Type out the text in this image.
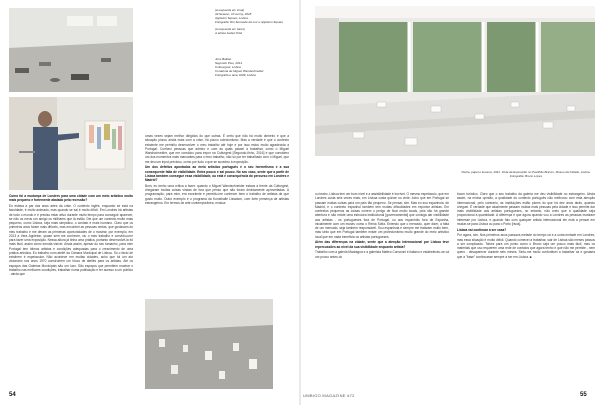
(à esquerda em cima)
All Season, 10 sunny, 2018.
Appleton Square, Lisboa.
Fotografia: Rui Serrasde da Luz e Appleton Square
(à esquerda em baixo)
A artista Isabel Ortel
Jens Balkan
Segundo Piso, 2014
Cultuurgest, Lisboa
Curadoria de Miguel Wandschneider
Fotografia e aina, DMF, Lisboa

Como foi a mudança de Londres para uma cidade com um meio artístico muito mais pequeno e fortemente abalado pela recessão?

Eu estava a par dos anos artes da crise. O contexto inglês, enquanto se está na faculdade, é muito animado, mas quando se sai é muito difícil. Em Londres há artistas de todo o mundo e é preciso estar ativo durante muito tempo para conseguir aparecer, se não os meus um amigo os millhares que lá estão. Dei que um contexto muito mais pequeno, como Lisboa, seja mais simpático, o contato é mais humano. Claro que os primeiros anos foram mais difíceis, mas encontrei as pessoas certas, que gostavam do meu trabalho e me deram as primeiras oportunidades de o mostrar, por exemplo, em 2013 a Vera Appleton, quase sem me conhecer, viu o meu trabalho e convidou-me para fazer uma exposição. Nessa altura já tinha uma prática, portanto desenvolvê-la foi mais fácil, assim como tornála visível. Ainda assim, apesar do seu tamanho, para mim Portugal tem ótimos artistas e condições adequadas para o crescimento de uma prática artística. Eu trabalho num ateliê da Câmara Municipal de Lisboa. Só o facto de existirem é espetacular. Não acontece em muitas cidades, acho que foi um ato visionário nos anos 1970 construírem um bloco de ateliês para os artistas. Até os espaços das Galerias Municipais são um luxo. São espaços que permitem mostrar o trabalho nas melhores condições, trabalhar numa publicação e ter acesso a um público - ainda que

umas vezes sejam melhor dirigidos do que outras. É certo que não há muito dinheiro e que a situação piorou ainda mais com a crise, há pouco colecionismo. Mas a verdade é que o contexto existente me permitiu desenvolver o meu trabalho até hoje e por isso estou muito agradecida a Portugal. Conheci pessoas que admiro e com as quais passei a trabalhar, como o Miguel Wandschneider, que me convidou para expor na Culturgest [Segundo-finho, 2016] e que considero um dos momentos mais marcantes para o meu trabalho, não só por ter trabalhado com o Miguel, que me deu um input precioso, como por tudo o que se sucedeu à exposição.

Um dos defeitos apontados ao meio artístico português é o seu hermetismo e a sua consequente falta de visibilidade. Entra pouco e sai pouco. No seu caso, sente que a partir de Lisboa também consegue essa visibilidade, ou está é consequência do percurso em Londres e Madrid?

Bom, eu tenho uma crítica a fazer: quando o Miguel Wandschneider estava à frente da Culturgest, chegaram muitas coisas vindas de fora que penso que não foram devidamente aproveitadas. A programação, para mim, era excelente e permitiu-me conhecer bem o trabalho de artistas de que gosto muito. Outro exemplo é o programa da Kunsthalle Lissabon, com forte presença de artistas estrangeiros. Em termos de arte contemporânea, música

54
Pedra, papel e tesoura, 2011. Vista da Exposição no Pavilhão Branco, Museu da Cidade, Lisboa.
Fotografia: Bruno Lopes

ou teatro, Lisboa tem um bom nível e a assistibilidade é incrível. O mesmo espetáculo, que em Londres custa seis vezes mais, em Lisboa custa quinze ou vinte. Acho que em Portugal se passam muitas coisas para um país tão pequeno. Se pensar, sim. Mas eu sou espanhola, de Madrid, e o contexto espanhol também tem muitas dificuldades em exportar artistas. Em contextos pequenos as coisas correm o perigo de ficar muito locais, pois não há grande abertura e não existe uma estrutura institucional [governamental] que consiga dar visibilidade aos artistas - os portugueses fora de Portugal, ou aos espanhóis fora de Espanha, inicialmente com um museu como o Reina Sofía. Entendo que o mercado, quer dizer, a falta de um mercado, seja também responsável. Sou espanhola e sempre me trataram muito bem, mas sinto que em Portugal também existe um protecionismo muito grande do meio artístico local que em nada beneficia os artistas portugueses.

Além das diferenças na cidade, sente que a atenção internacional por Lisboa teve repercussões ao nível da sua visibilidade enquanto artista?

Trabalho com a galeria Madragoa e a galerista Matteo Consonni é italiano e estabeleceu-se cá um pouco antes do

boom turístico. Claro que o seu trabalho da galeria me deu visibilidade no estrangeiro. Ainda assim, na minha opinião, a qualidade do contexto português não melhorou com esta atenção internacional, pelo contrário, as instituições estão piores do que há dez anos atrás, quando cheguei. É verdade que atualmente passam muitas mais pessoas pela cidade e isso permite dar mais visibilidade aos artistas portugueses, no entanto, não creio que a qualidade seja proporcional à quantidade. A diferença é que agora quando vou a Londres as pessoas mostram interesse por Lisboa, e quando falo com qualquer artista internacional ele está a pensar em mudar-se para Lisboa ou para o Porto [risos].

Lisboa vai continuar a ser casa?

Por agora, sim. Nos primeiros anos passava metade do tempo cá e a outra metade em Londres, mas essa situação é muito difícil. Quando comecei a trabalhar, sair de Lisboa são meses passos a ser complicado. Talvez para um ponto como o Bruno seja um pouco mais fácil, mas os materiais que uso requerem uma rede de contatos que agora tenho e que não me permite - nem quero - desaparecer durante seis meses. Sinto-me muito confortável a trabalhar cá e gostaria que a "base" continuasse sempre a ser em Lisboa. ■

UMBIGO MAGAZINE #72	55
